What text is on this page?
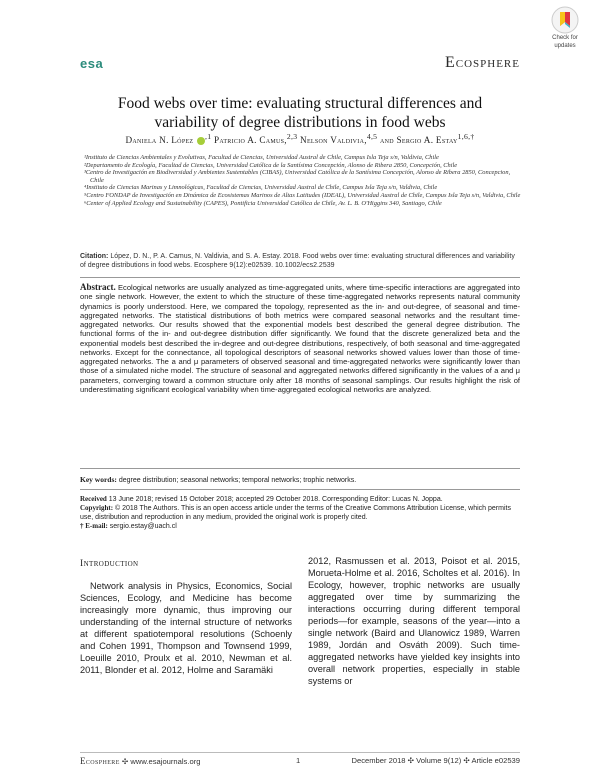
esa	Ecosphere
Check for
updates
Food webs over time: evaluating structural differences and
variability of degree distributions in food webs
Daniela N. López $^{,1}$ Patricio A. Camus,$^{2,3}$ Nelson Valdivia,$^{4,5}$ and Sergio A. Estay$^{1,6,\dagger}$
¹Instituto de Ciencias Ambientales y Evolutivas, Facultad de Ciencias, Universidad Austral de Chile, Campus Isla Teja s/n, Valdivia, Chile
²Departamento de Ecología, Facultad de Ciencias, Universidad Católica de la Santísima Concepción, Alonso de Ribera 2850, Concepción, Chile
³Centro de Investigación en Biodiversidad y Ambientes Sustentables (CIBAS), Universidad Católica de la Santísima Concepción, Alonso de Ribera 2850, Concepcion, Chile
⁴Instituto de Ciencias Marinas y Limnológicas, Facultad de Ciencias, Universidad Austral de Chile, Campus Isla Teja s/n, Valdivia, Chile
⁵Centro FONDAP de Investigación en Dinámica de Ecosistemas Marinos de Altas Latitudes (IDEAL), Universidad Austral de Chile, Campus Isla Teja s/n, Valdivia, Chile
⁶Center of Applied Ecology and Sustainability (CAPES), Pontificia Universidad Católica de Chile, Av. L. B. O'Higgins 340, Santiago, Chile
Citation: López, D. N., P. A. Camus, N. Valdivia, and S. A. Estay. 2018. Food webs over time: evaluating structural differences and variability of degree distributions in food webs. Ecosphere 9(12):e02539. 10.1002/ecs2.2539
Abstract. Ecological networks are usually analyzed as time-aggregated units, where time-specific interactions are aggregated into one single network. However, the extent to which the structure of these time-aggregated networks represents natural community dynamics is poorly understood. Here, we compared the topology, represented as the in- and out-degree, of seasonal and time-aggregated networks. The statistical distributions of both metrics were compared seasonal networks and the resultant time-aggregated networks. Our results showed that the exponential models best described the general degree distribution. The functional forms of the in- and out-degree distribution differ significantly. We found that the discrete generalized beta and the exponential models best described the in-degree and out-degree distributions, respectively, of both seasonal and time-aggregated networks. Except for the connectance, all topological descriptors of seasonal networks showed values lower than those of time-aggregated networks. The a and μ parameters of observed seasonal and time-aggregated networks were significantly lower than those of a simulated niche model. The structure of seasonal and aggregated networks differed significantly in the values of a and μ parameters, converging toward a common structure only after 18 months of seasonal samplings. Our results highlight the risk of underestimating significant ecological variability when time-aggregated ecological networks are analyzed.
Key words: degree distribution; seasonal networks; temporal networks; trophic networks.
Received 13 June 2018; revised 15 October 2018; accepted 29 October 2018. Corresponding Editor: Lucas N. Joppa.
Copyright: © 2018 The Authors. This is an open access article under the terms of the Creative Commons Attribution License, which permits use, distribution and reproduction in any medium, provided the original work is properly cited.
† E-mail: sergio.estay@uach.cl
Introduction
Network analysis in Physics, Economics, Social Sciences, Ecology, and Medicine has become increasingly more dynamic, thus improving our understanding of the internal structure of networks at different spatiotemporal resolutions (Schoenly and Cohen 1991, Thompson and Townsend 1999, Loeuille 2010, Proulx et al. 2010, Newman et al. 2011, Blonder et al. 2012, Holme and Saramäki
2012, Rasmussen et al. 2013, Poisot et al. 2015, Morueta-Holme et al. 2016, Scholtes et al. 2016). In Ecology, however, trophic networks are usually aggregated over time by summarizing the interactions occurring during different temporal periods—for example, seasons of the year—into a single network (Baird and Ulanowicz 1989, Warren 1989, Jordán and Osváth 2009). Such time-aggregated networks have yielded key insights into overall network properties, especially in stable systems or
Ecosphere ✣ www.esajournals.org	1	December 2018 ✣ Volume 9(12) ✣ Article e02539
